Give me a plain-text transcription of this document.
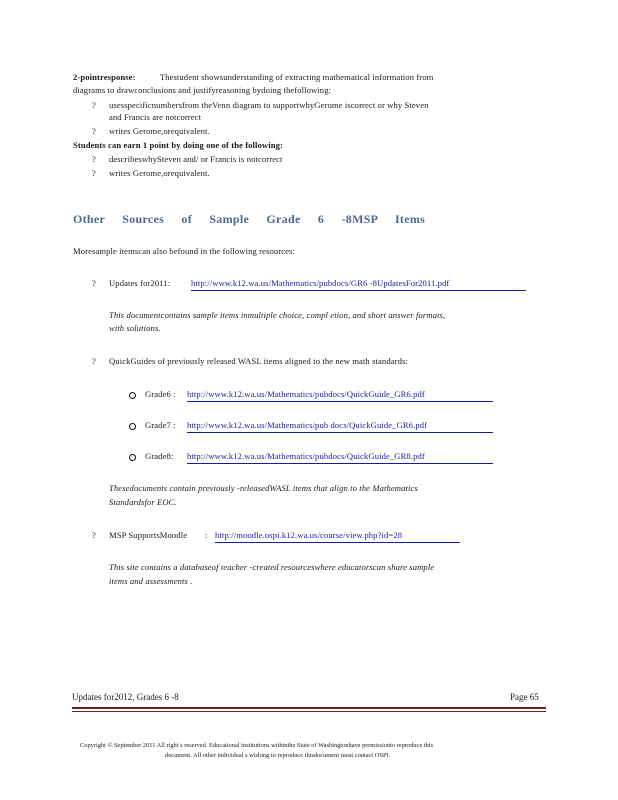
2-pointresponse:	Thestudent showsunderstanding of extracting mathematical information from
diagrams to drawconclusions and justifyreasoning bydoing thefollowing:
? usesspecificnumbersfrom theVenn diagram to supportwhyGerome iscorrect or why Steven
and Francis are notcorrect
? writes Gerome,orequivalent.
Students can earn 1 point by doing one of the following:
? describeswhySteven and/ or Francis is notcorrect
? writes Gerome,orequivalent.
Other Sources of Sample Grade 6 -8MSP Items
Moresample itemscan also befound in the following resources:
? Updates for2011: http://www.k12.wa.us/Mathematics/pubdocs/GR6 -8UpdatesFor2011.pdf
This documentcontains sample items inmultiple choice, compl etion, and short answer formats,
with solutions.
? QuickGuides of previously released WASL items aligned to the new math standards:
Grade6 : http://www.k12.wa.us/Mathematics/pubdocs/QuickGuide_GR6.pdf
Grade7 : http://www.k12.wa.us/Mathematics/pub docs/QuickGuide_GR6.pdf
Grade8: http://www.k12.wa.us/Mathematics/pubdocs/QuickGuide_GR8.pdf
Thesedocuments contain previously -releasedWASL items that align to the Mathematics
Standardsfor EOC.
? MSP SupportsMoodle : http://moodle.ospi.k12.wa.us/course/view.php?id=28
This site contains a databaseof teacher -created resourceswhere educatorscan share sample
items and assessments .
Updates for2012, Grades 6 -8	Page 65
Copyright © September 2011 All right s reserved. Educational institutions withinthe State of Washingtonhave permissionto reproduce this
document. All other individual s wishing to reproduce thisdocument must contact OSPI.
